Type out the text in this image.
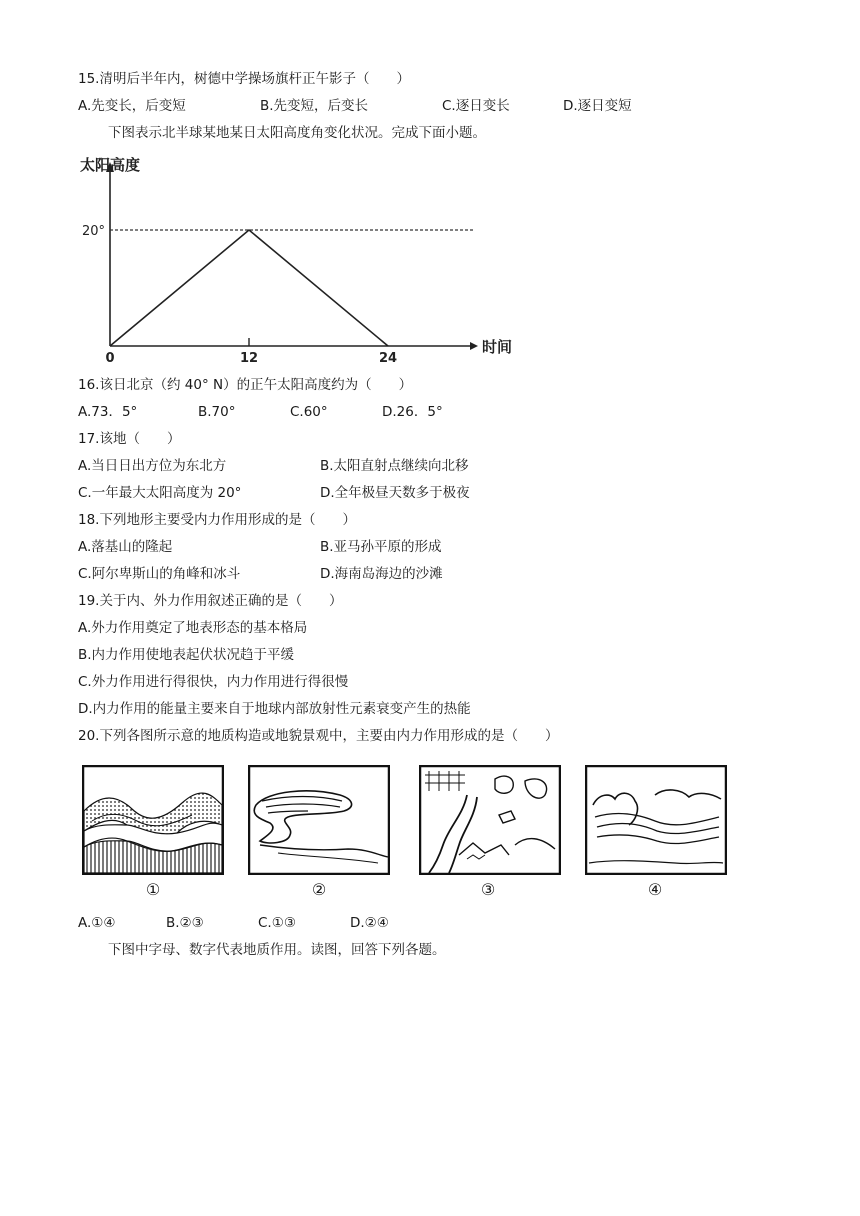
15.清明后半年内，树德中学操场旗杆正午影子（　　）
A.先变长，后变短	B.先变短，后变长	C.逐日变长	D.逐日变短
下图表示北半球某地某日太阳高度角变化状况。完成下面小题。
太阳高度
时间
20°
0	12	24
16.该日北京（约 40° N）的正午太阳高度约为（　　）
A.73．5°	B.70°	C.60°	D.26．5°
17.该地（　　）
A.当日日出方位为东北方	B.太阳直射点继续向北移
C.一年最大太阳高度为 20°	D.全年极昼天数多于极夜
18.下列地形主要受内力作用形成的是（　　）
A.落基山的隆起	B.亚马孙平原的形成
C.阿尔卑斯山的角峰和冰斗	D.海南岛海边的沙滩
19.关于内、外力作用叙述正确的是（　　）
A.外力作用奠定了地表形态的基本格局
B.内力作用使地表起伏状况趋于平缓
C.外力作用进行得很快，内力作用进行得很慢
D.内力作用的能量主要来自于地球内部放射性元素衰变产生的热能
20.下列各图所示意的地质构造或地貌景观中，主要由内力作用形成的是（　　）
①	②	③	④
A.①④	B.②③	C.①③	D.②④
下图中字母、数字代表地质作用。读图，回答下列各题。
